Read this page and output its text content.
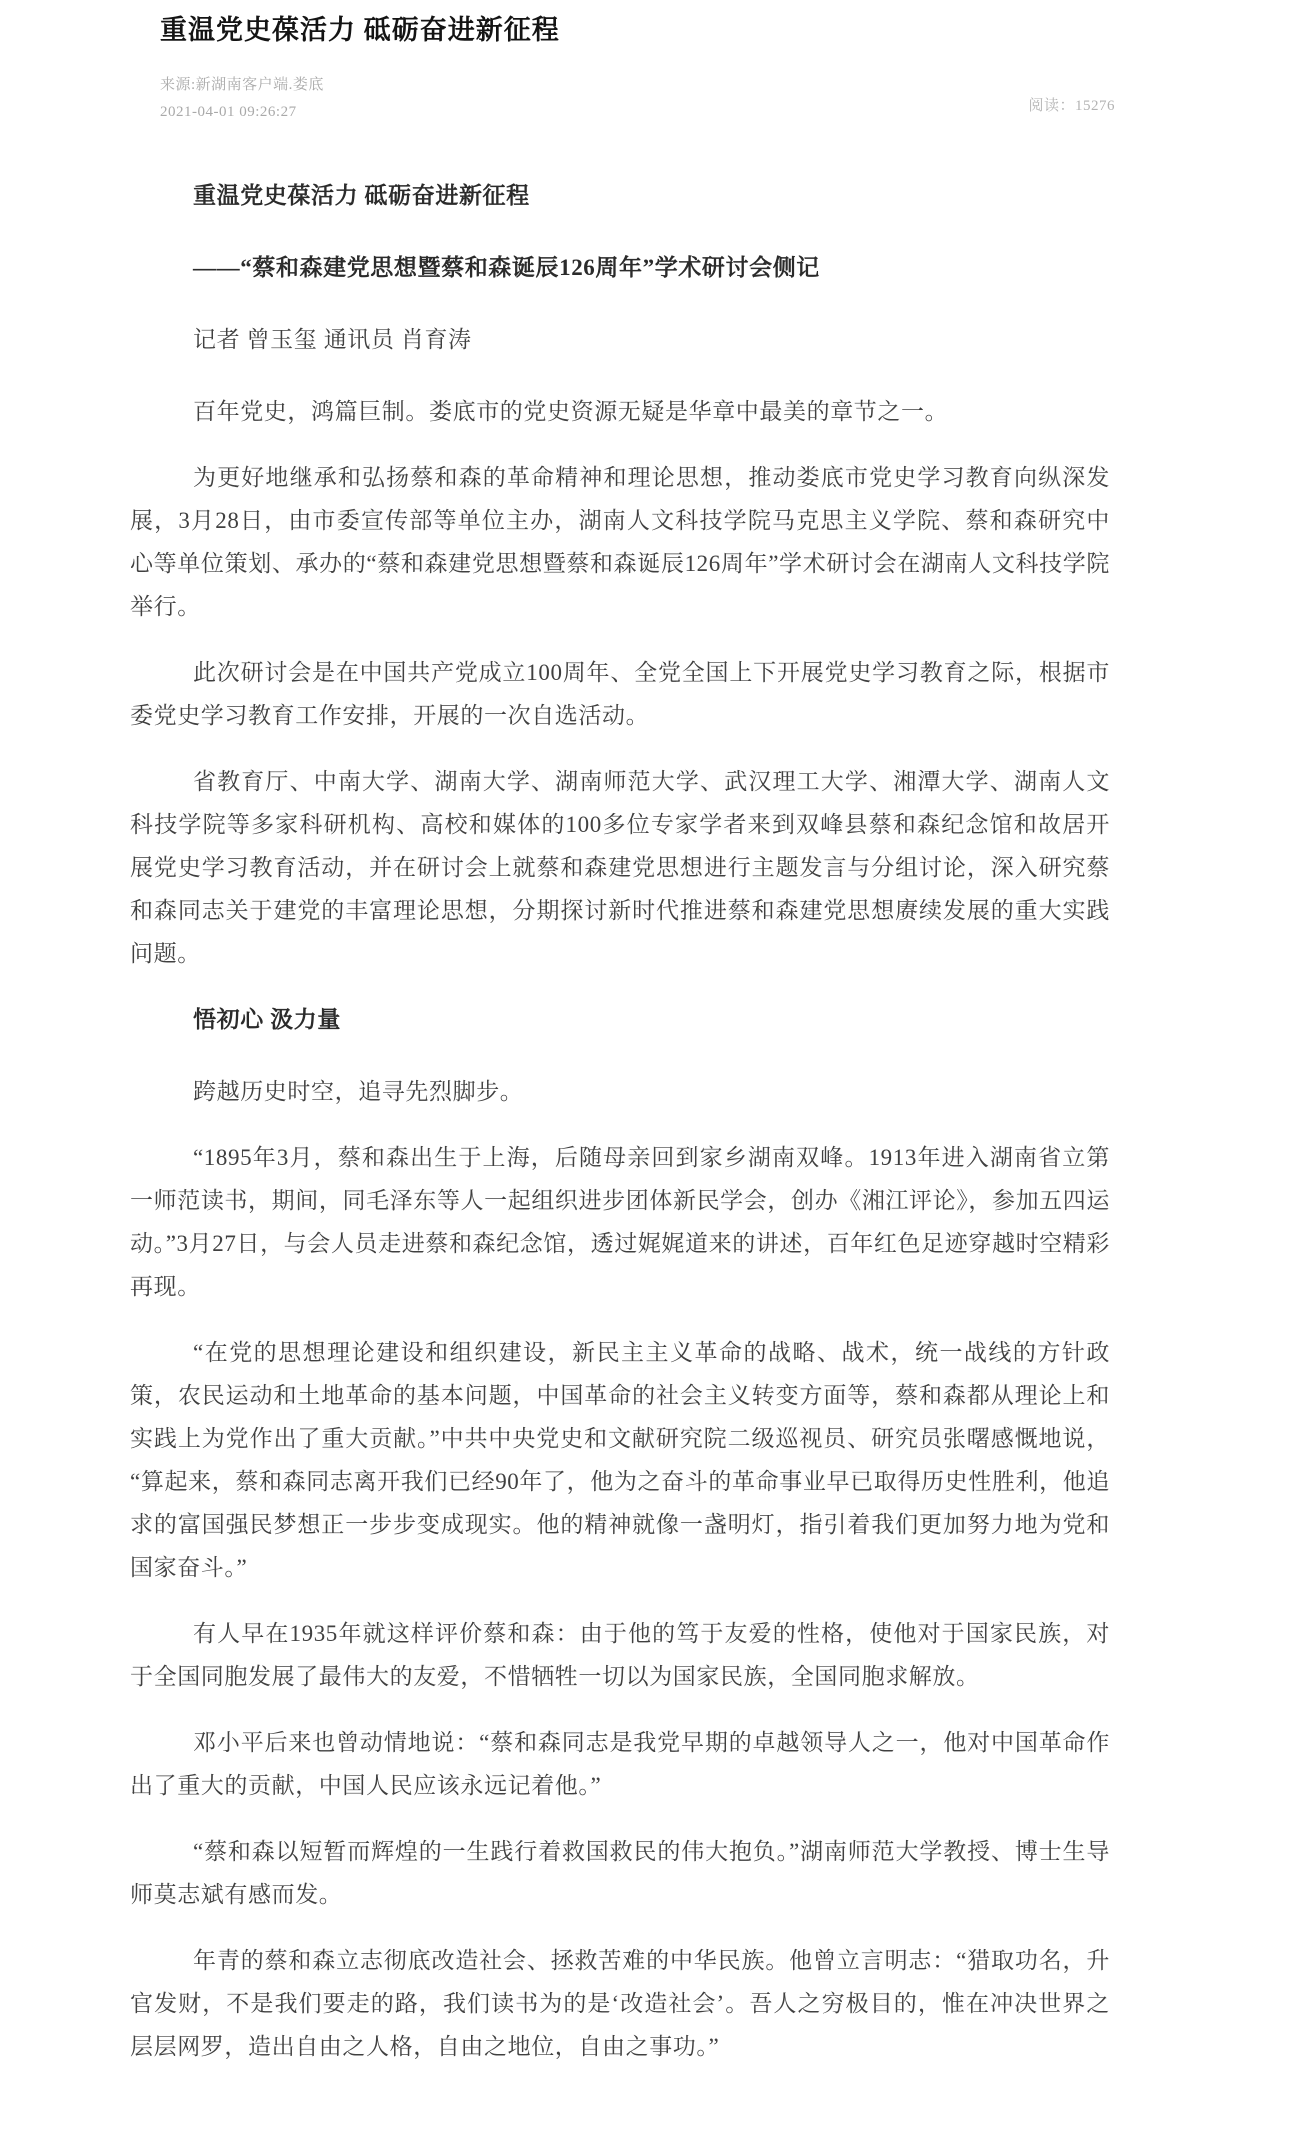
重温党史葆活力 砥砺奋进新征程
来源:新湖南客户端.娄底
2021-04-01 09:26:27	阅读：15276

重温党史葆活力 砥砺奋进新征程

——“蔡和森建党思想暨蔡和森诞辰126周年”学术研讨会侧记

记者 曾玉玺 通讯员 肖育涛

百年党史，鸿篇巨制。娄底市的党史资源无疑是华章中最美的章节之一。

为更好地继承和弘扬蔡和森的革命精神和理论思想，推动娄底市党史学习教育向纵深发展，3月28日，由市委宣传部等单位主办，湖南人文科技学院马克思主义学院、蔡和森研究中心等单位策划、承办的“蔡和森建党思想暨蔡和森诞辰126周年”学术研讨会在湖南人文科技学院举行。

此次研讨会是在中国共产党成立100周年、全党全国上下开展党史学习教育之际，根据市委党史学习教育工作安排，开展的一次自选活动。

省教育厅、中南大学、湖南大学、湖南师范大学、武汉理工大学、湘潭大学、湖南人文科技学院等多家科研机构、高校和媒体的100多位专家学者来到双峰县蔡和森纪念馆和故居开展党史学习教育活动，并在研讨会上就蔡和森建党思想进行主题发言与分组讨论，深入研究蔡和森同志关于建党的丰富理论思想，分期探讨新时代推进蔡和森建党思想赓续发展的重大实践问题。

悟初心 汲力量

跨越历史时空，追寻先烈脚步。

“1895年3月，蔡和森出生于上海，后随母亲回到家乡湖南双峰。1913年进入湖南省立第一师范读书，期间，同毛泽东等人一起组织进步团体新民学会，创办《湘江评论》，参加五四运动。”3月27日，与会人员走进蔡和森纪念馆，透过娓娓道来的讲述，百年红色足迹穿越时空精彩再现。

“在党的思想理论建设和组织建设，新民主主义革命的战略、战术，统一战线的方针政策，农民运动和土地革命的基本问题，中国革命的社会主义转变方面等，蔡和森都从理论上和实践上为党作出了重大贡献。”中共中央党史和文献研究院二级巡视员、研究员张曙感慨地说，“算起来，蔡和森同志离开我们已经90年了，他为之奋斗的革命事业早已取得历史性胜利，他追求的富国强民梦想正一步步变成现实。他的精神就像一盏明灯，指引着我们更加努力地为党和国家奋斗。”

有人早在1935年就这样评价蔡和森：由于他的笃于友爱的性格，使他对于国家民族，对于全国同胞发展了最伟大的友爱，不惜牺牲一切以为国家民族，全国同胞求解放。

邓小平后来也曾动情地说：“蔡和森同志是我党早期的卓越领导人之一，他对中国革命作出了重大的贡献，中国人民应该永远记着他。”

“蔡和森以短暂而辉煌的一生践行着救国救民的伟大抱负。”湖南师范大学教授、博士生导师莫志斌有感而发。

年青的蔡和森立志彻底改造社会、拯救苦难的中华民族。他曾立言明志：“猎取功名，升官发财，不是我们要走的路，我们读书为的是‘改造社会’。吾人之穷极目的，惟在冲决世界之层层网罗，造出自由之人格，自由之地位，自由之事功。”
